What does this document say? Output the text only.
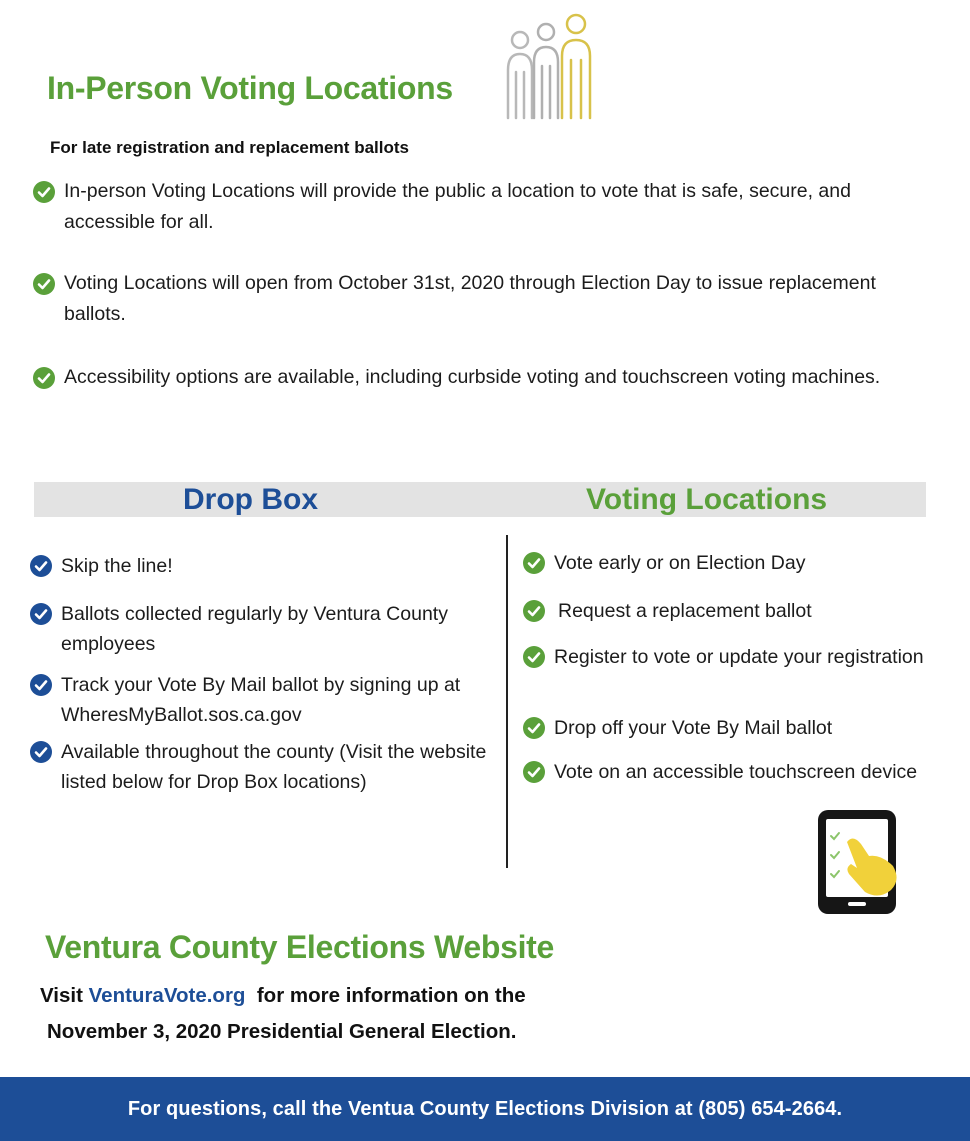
In-Person Voting Locations

For late registration and replacement ballots

In-person Voting Locations will provide the public a location to vote that is safe, secure, and accessible for all.
Voting Locations will open from October 31st, 2020 through Election Day to issue replacement ballots.
Accessibility options are available, including curbside voting and touchscreen voting machines.
Drop Box	Voting Locations
Skip the line!
Ballots collected regularly by Ventura County employees
Track your Vote By Mail ballot by signing up at WheresMyBallot.sos.ca.gov
Available throughout the county (Visit the website listed below for Drop Box locations)
Vote early or on Election Day
Request a replacement ballot
Register to vote or update your registration
Drop off your Vote By Mail ballot
Vote on an accessible touchscreen device
Ventura County Elections Website
Visit VenturaVote.org for more information on the
November 3, 2020 Presidential General Election.
For questions, call the Ventua County Elections Division at (805) 654-2664.
